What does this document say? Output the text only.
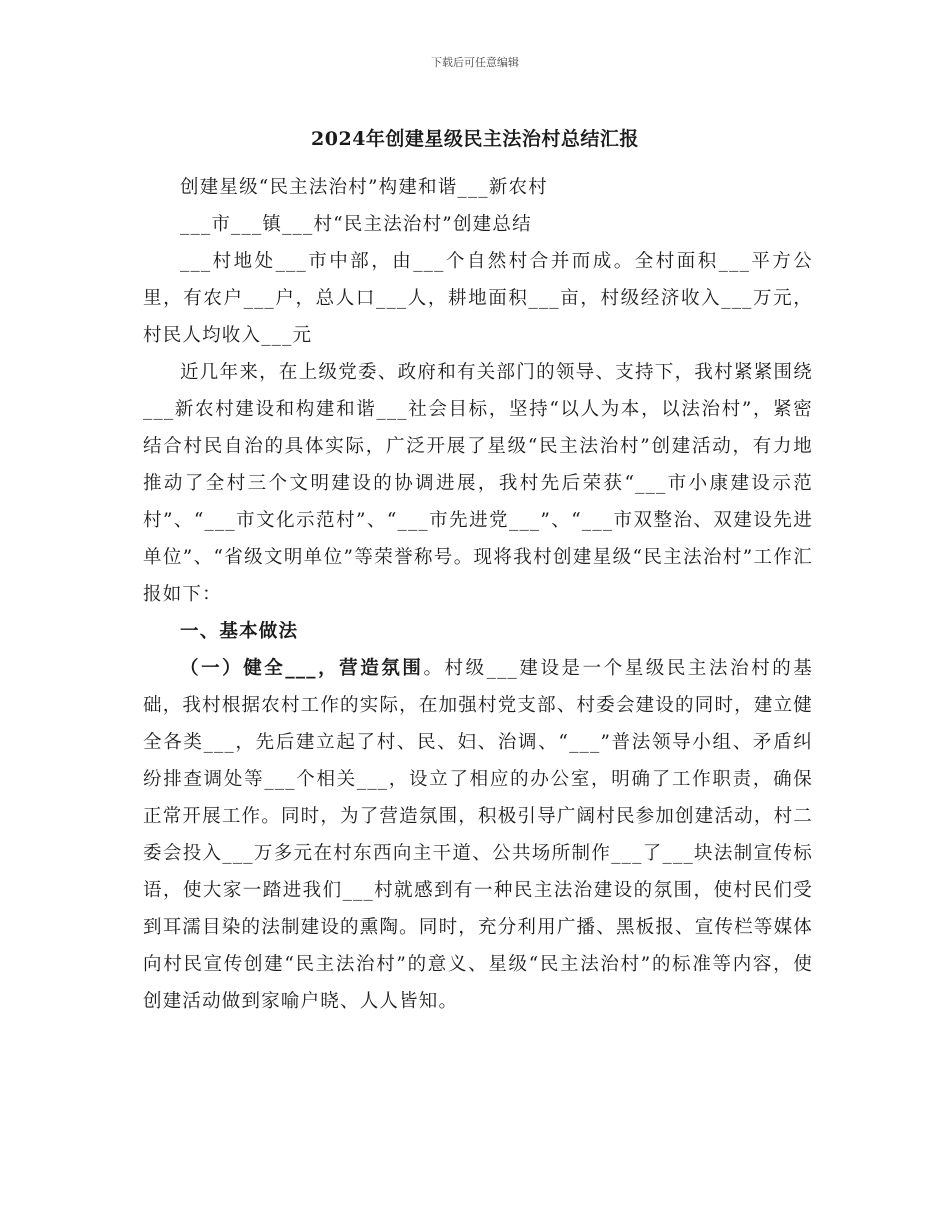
下载后可任意编辑
2024年创建星级民主法治村总结汇报

创建星级“民主法治村”构建和谐___新农村

___市___镇___村“民主法治村”创建总结

___村地处___市中部，由___个自然村合并而成。全村面积___平方公里，有农户___户，总人口___人，耕地面积___亩，村级经济收入___万元，村民人均收入___元

近几年来，在上级党委、政府和有关部门的领导、支持下，我村紧紧围绕___新农村建设和构建和谐___社会目标，坚持“以人为本，以法治村”，紧密结合村民自治的具体实际，广泛开展了星级“民主法治村”创建活动，有力地推动了全村三个文明建设的协调进展，我村先后荣获“___市小康建设示范村”、“___市文化示范村”、“___市先进党___”、“___市双整治、双建设先进单位”、“省级文明单位”等荣誉称号。现将我村创建星级“民主法治村”工作汇报如下：

一、基本做法

（一）健全___，营造氛围。村级___建设是一个星级民主法治村的基础，我村根据农村工作的实际，在加强村党支部、村委会建设的同时，建立健全各类___，先后建立起了村、民、妇、治调、“___”普法领导小组、矛盾纠纷排查调处等___个相关___，设立了相应的办公室，明确了工作职责，确保正常开展工作。同时，为了营造氛围，积极引导广阔村民参加创建活动，村二委会投入___万多元在村东西向主干道、公共场所制作___了___块法制宣传标语，使大家一踏进我们___村就感到有一种民主法治建设的氛围，使村民们受到耳濡目染的法制建设的熏陶。同时，充分利用广播、黑板报、宣传栏等媒体向村民宣传创建“民主法治村”的意义、星级“民主法治村”的标准等内容，使创建活动做到家喻户晓、人人皆知。
